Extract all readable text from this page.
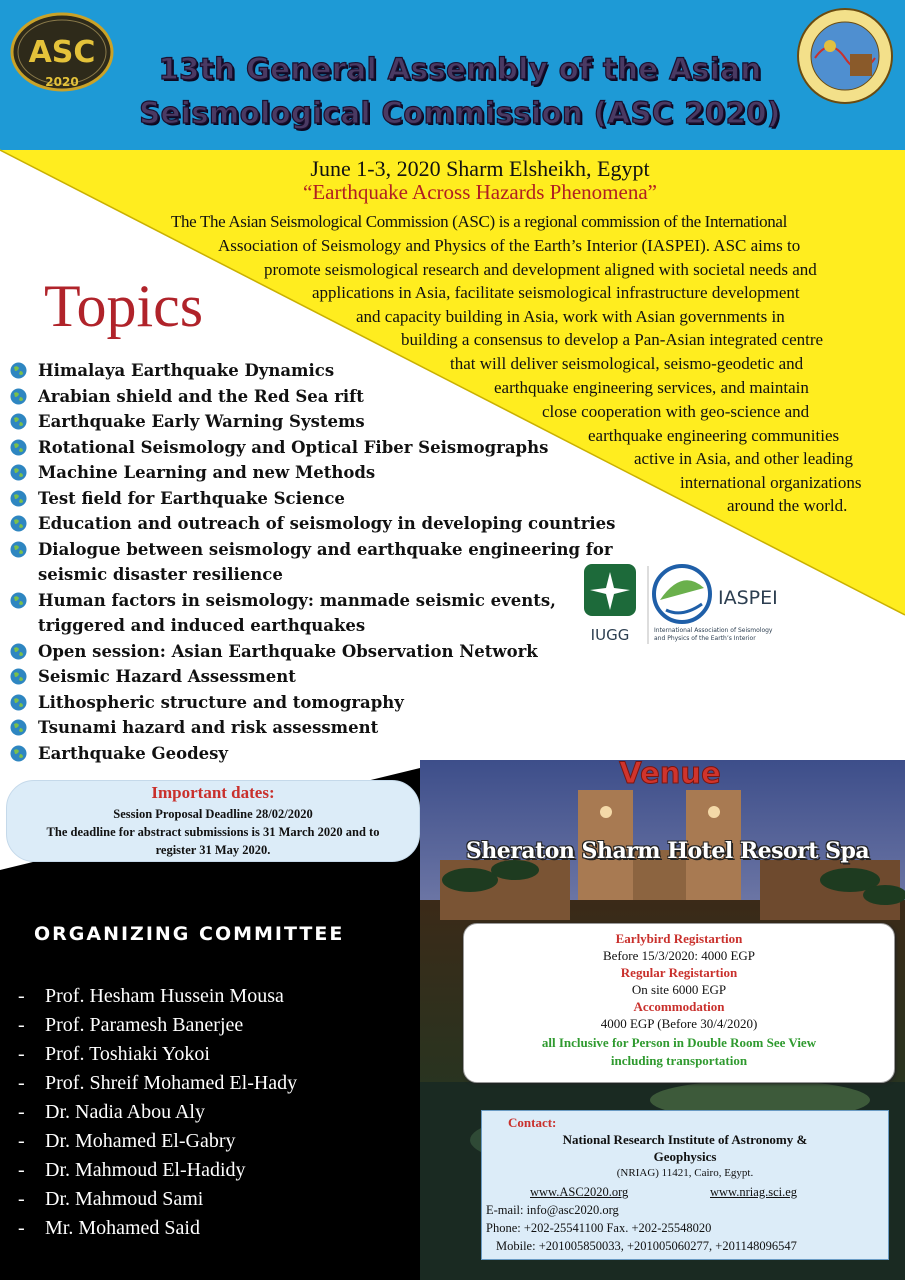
ASC
2020	13th General Assembly of the Asian
Seismological Commission (ASC 2020)
June 1-3, 2020 Sharm Elsheikh, Egypt
“Earthquake Across Hazards Phenomena”
The The Asian Seismological Commission (ASC) is a regional commission of the International
Association of Seismology and Physics of the Earth’s Interior (IASPEI). ASC aims to
promote seismological research and development aligned with societal needs and
applications in Asia, facilitate seismological infrastructure development
and capacity building in Asia, work with Asian governments in
building a consensus to develop a Pan-Asian integrated centre
that will deliver seismological, seismo-geodetic and
earthquake engineering services, and maintain
close cooperation with geo-science and
earthquake engineering communities
active in Asia, and other leading
international organizations
around the world.
Topics
Himalaya Earthquake Dynamics
Arabian shield and the Red Sea rift
Earthquake Early Warning Systems
Rotational Seismology and Optical Fiber Seismographs
Machine Learning and new Methods
Test field for Earthquake Science
Education and outreach of seismology in developing countries
Dialogue between seismology and earthquake engineering for
seismic disaster resilience
Human factors in seismology: manmade seismic events,
triggered and induced earthquakes
Open session: Asian Earthquake Observation Network
Seismic Hazard Assessment
Lithospheric structure and tomography
Tsunami hazard and risk assessment
Earthquake Geodesy
IUGG
IASPEI
International Association of Seismology
and Physics of the Earth’s Interior
Important dates:
Session Proposal Deadline 28/02/2020
The deadline for abstract submissions is 31 March 2020 and to
register 31 May 2020.
ORGANIZING COMMITTEE
- Prof. Hesham Hussein Mousa
- Prof. Paramesh Banerjee
- Prof. Toshiaki Yokoi
- Prof. Shreif Mohamed El-Hady
- Dr. Nadia Abou Aly
- Dr. Mohamed El-Gabry
- Dr. Mahmoud El-Hadidy
- Dr. Mahmoud Sami
- Mr. Mohamed Said
Venue
Sheraton Sharm Hotel Resort Spa
Earlybird Registartion
Before 15/3/2020: 4000 EGP
Regular Registartion
On site 6000 EGP
Accommodation
4000 EGP (Before 30/4/2020)
all Inclusive for Person in Double Room See View
including transportation
Contact:
National Research Institute of Astronomy &
Geophysics
(NRIAG) 11421, Cairo, Egypt.
www.ASC2020.org	www.nriag.sci.eg
E-mail: info@asc2020.org
Phone: +202-25541100 Fax. +202-25548020
Mobile: +201005850033, +201005060277, +201148096547
